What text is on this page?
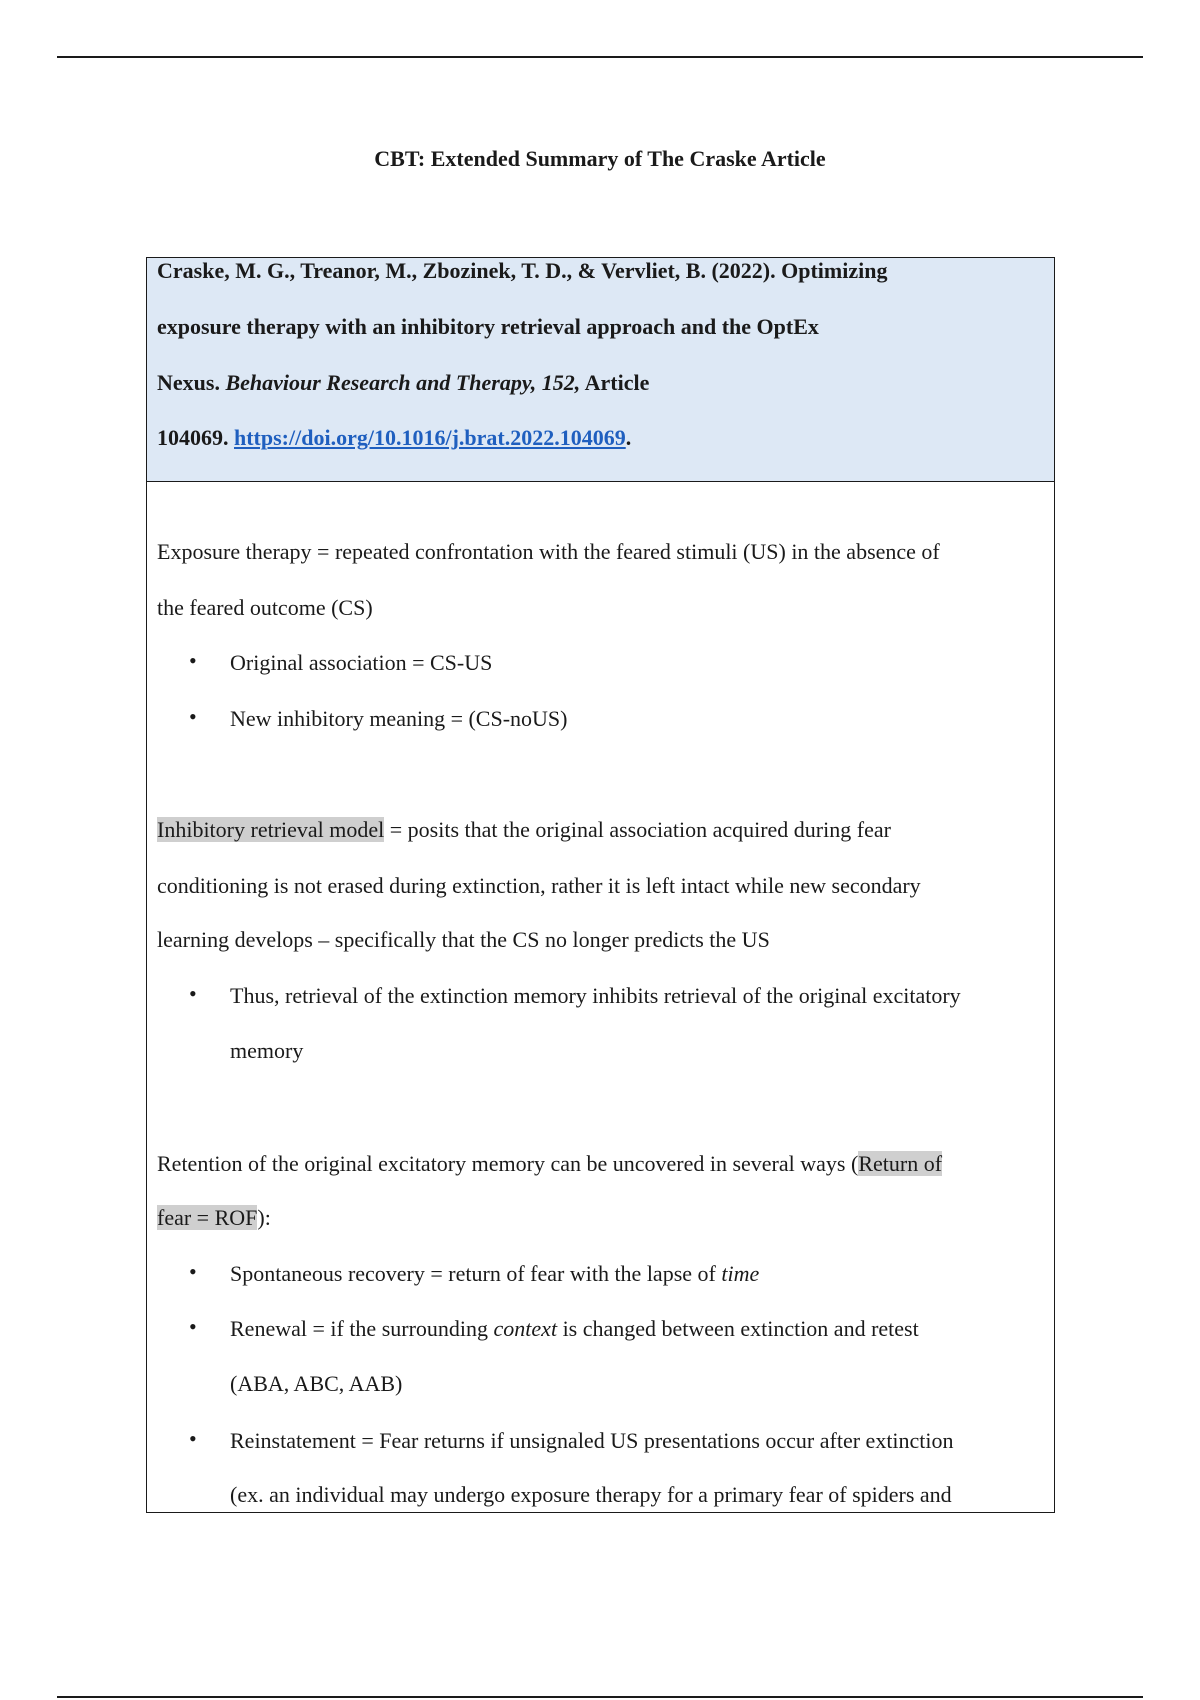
CBT: Extended Summary of The Craske Article
Craske, M. G., Treanor, M., Zbozinek, T. D., & Vervliet, B. (2022). Optimizing
exposure therapy with an inhibitory retrieval approach and the OptEx
Nexus. Behaviour Research and Therapy, 152, Article
104069. https://doi.org/10.1016/j.brat.2022.104069.
Exposure therapy = repeated confrontation with the feared stimuli (US) in the absence of
the feared outcome (CS)
• Original association = CS-US
• New inhibitory meaning = (CS-noUS)
Inhibitory retrieval model = posits that the original association acquired during fear
conditioning is not erased during extinction, rather it is left intact while new secondary
learning develops – specifically that the CS no longer predicts the US
• Thus, retrieval of the extinction memory inhibits retrieval of the original excitatory
memory
Retention of the original excitatory memory can be uncovered in several ways (Return of
fear = ROF):
• Spontaneous recovery = return of fear with the lapse of time
• Renewal = if the surrounding context is changed between extinction and retest
(ABA, ABC, AAB)
• Reinstatement = Fear returns if unsignaled US presentations occur after extinction
(ex. an individual may undergo exposure therapy for a primary fear of spiders and
